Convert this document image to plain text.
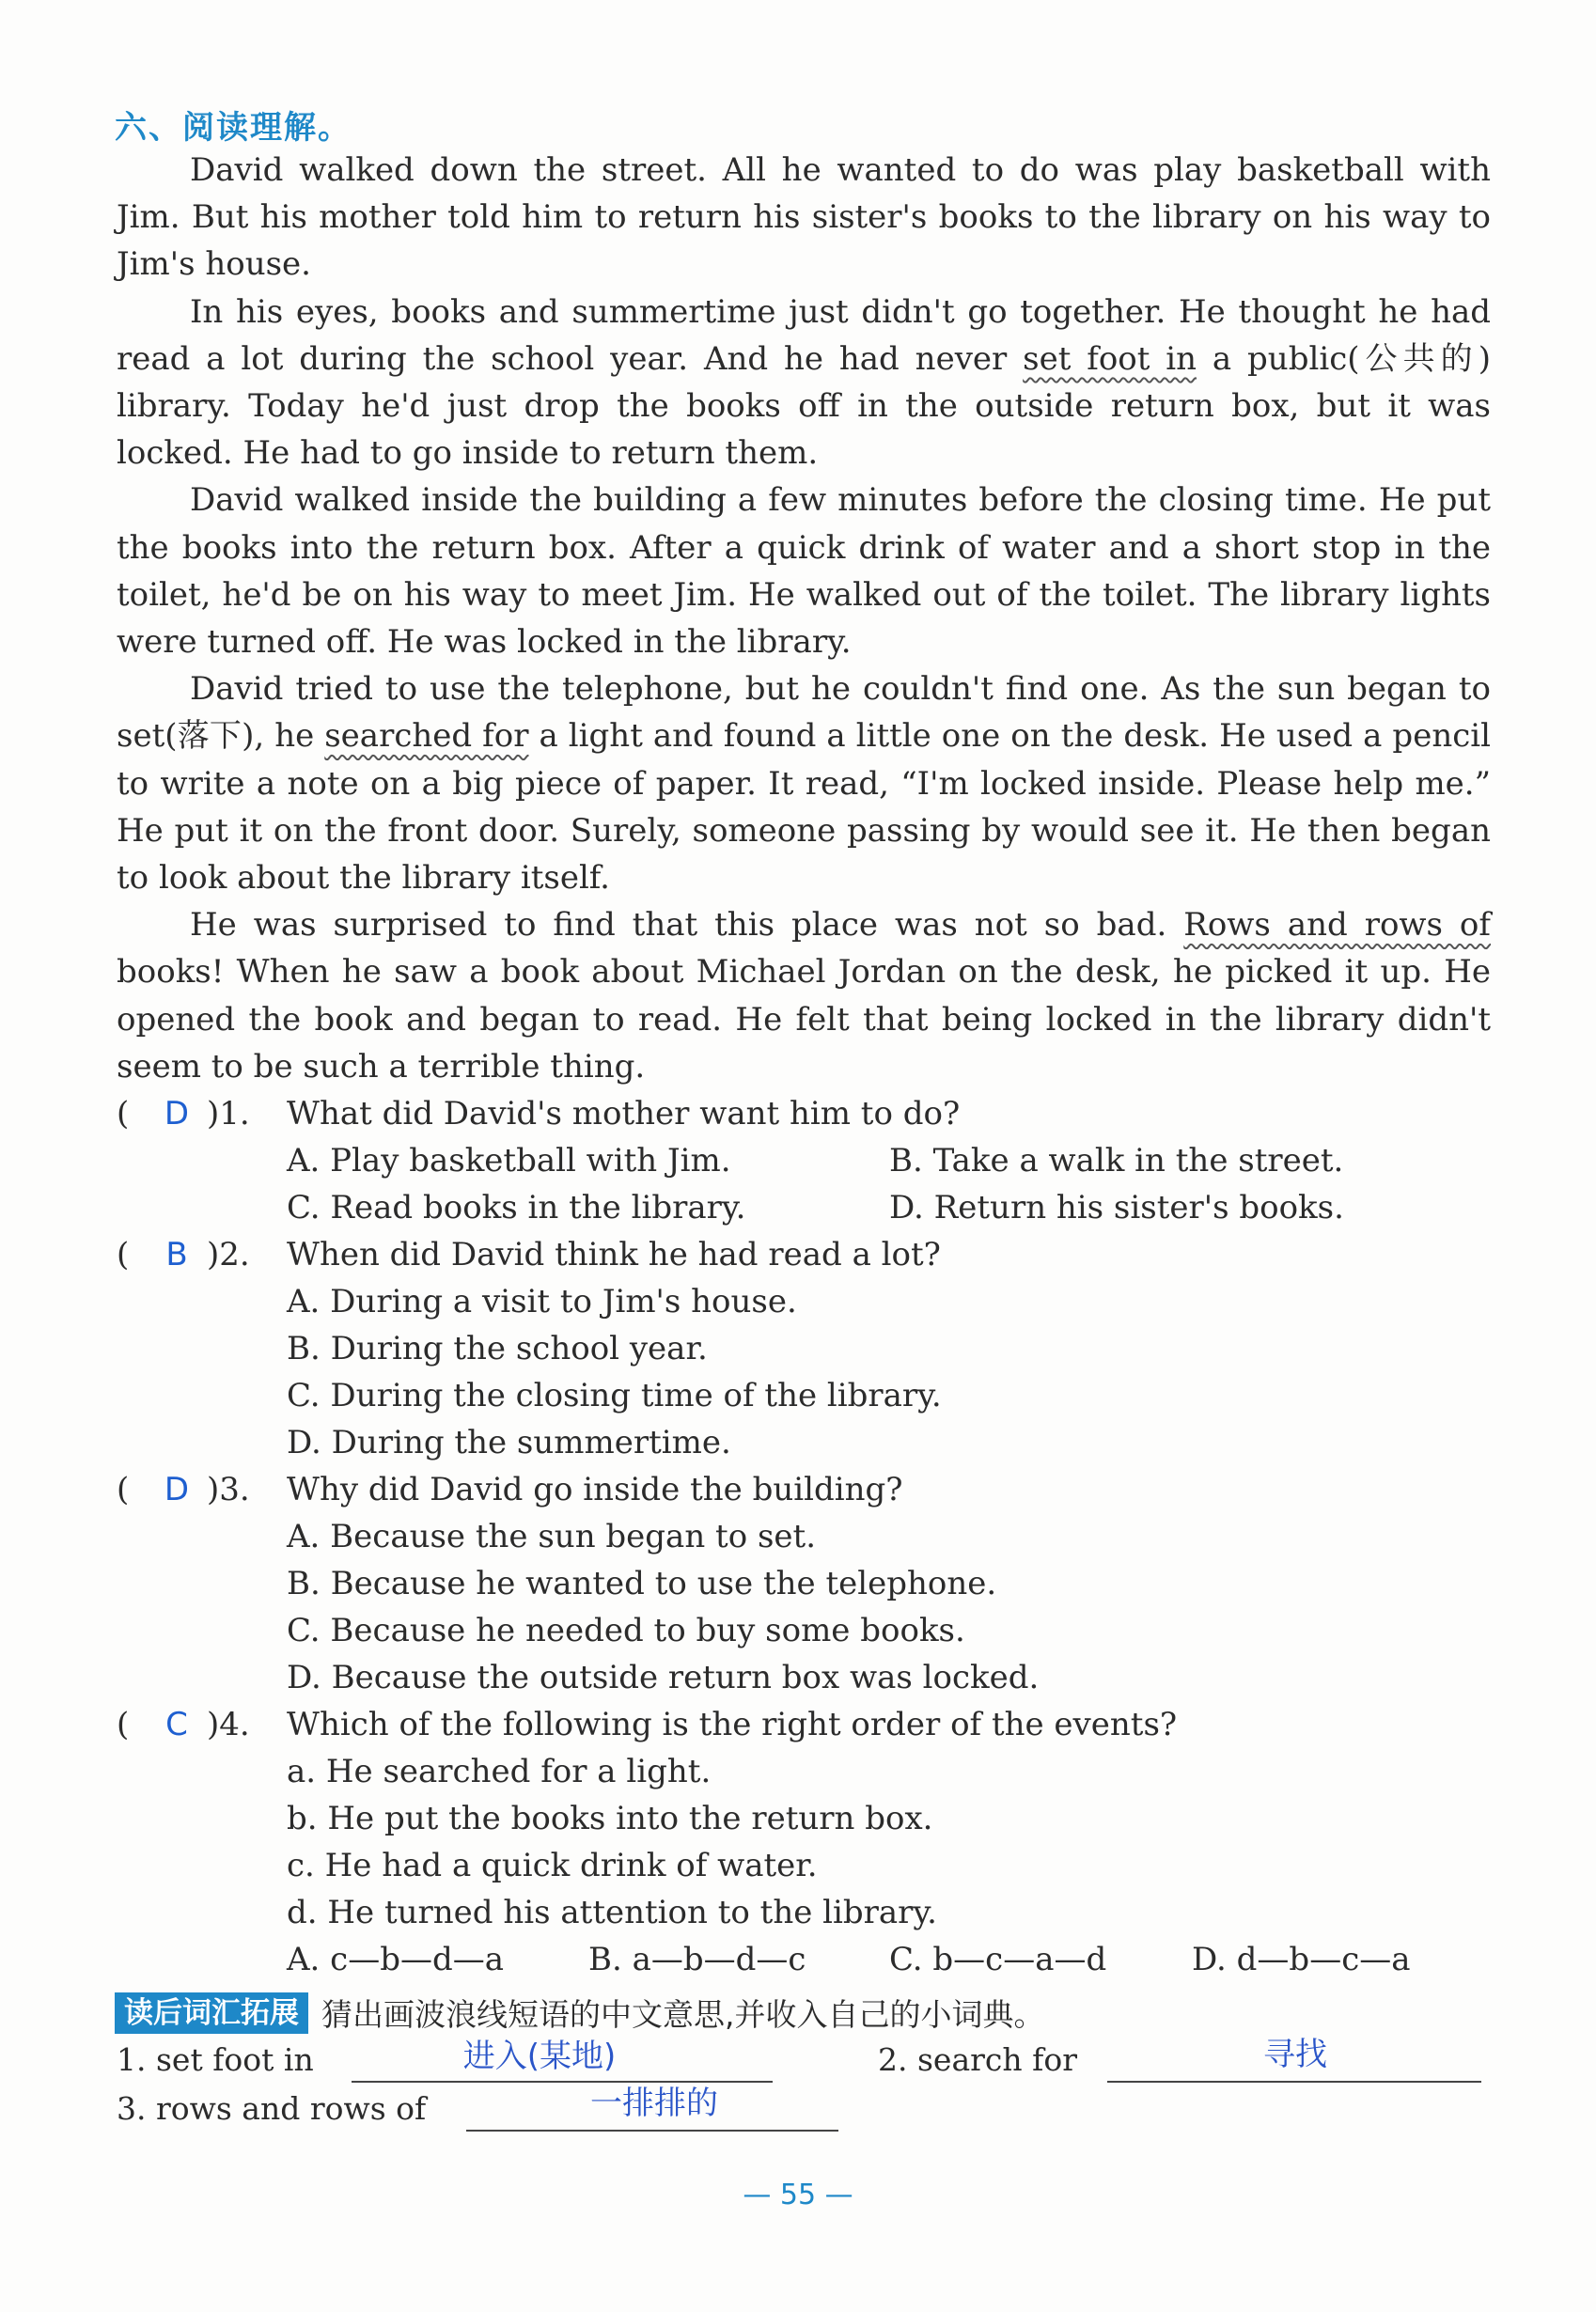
六、阅读理解。

David walked down the street. All he wanted to do was play basketball with Jim. But his mother told him to return his sister's books to the library on his way to Jim's house.

In his eyes, books and summertime just didn't go together. He thought he had read a lot during the school year. And he had never set foot in a public(公共的) library. Today he'd just drop the books off in the outside return box, but it was locked. He had to go inside to return them.

David walked inside the building a few minutes before the closing time. He put the books into the return box. After a quick drink of water and a short stop in the toilet, he'd be on his way to meet Jim. He walked out of the toilet. The library lights were turned off. He was locked in the library.

David tried to use the telephone, but he couldn't find one. As the sun began to set(落下), he searched for a light and found a little one on the desk. He used a pencil to write a note on a big piece of paper. It read, “I'm locked inside. Please help me.” He put it on the front door. Surely, someone passing by would see it. He then began to look about the library itself.

He was surprised to find that this place was not so bad. Rows and rows of books! When he saw a book about Michael Jordan on the desk, he picked it up. He opened the book and began to read. He felt that being locked in the library didn't seem to be such a terrible thing.

(	D )1. What did David's mother want him to do?
A. Play basketball with Jim.	B. Take a walk in the street.
C. Read books in the library.	D. Return his sister's books.
(	B )2. When did David think he had read a lot?
A. During a visit to Jim's house.
B. During the school year.
C. During the closing time of the library.
D. During the summertime.
(	D )3. Why did David go inside the building?
A. Because the sun began to set.
B. Because he wanted to use the telephone.
C. Because he needed to buy some books.
D. Because the outside return box was locked.
(	C )4. Which of the following is the right order of the events?
a. He searched for a light.
b. He put the books into the return box.
c. He had a quick drink of water.
d. He turned his attention to the library.
A. c—b—d—a	B. a—b—d—c	C. b—c—a—d	D. d—b—c—a
读后词汇拓展 猜出画波浪线短语的中文意思,并收入自己的小词典。
1. set foot in	进入(某地)	2. search for	寻找
3. rows and rows of	一排排的
— 55 —
